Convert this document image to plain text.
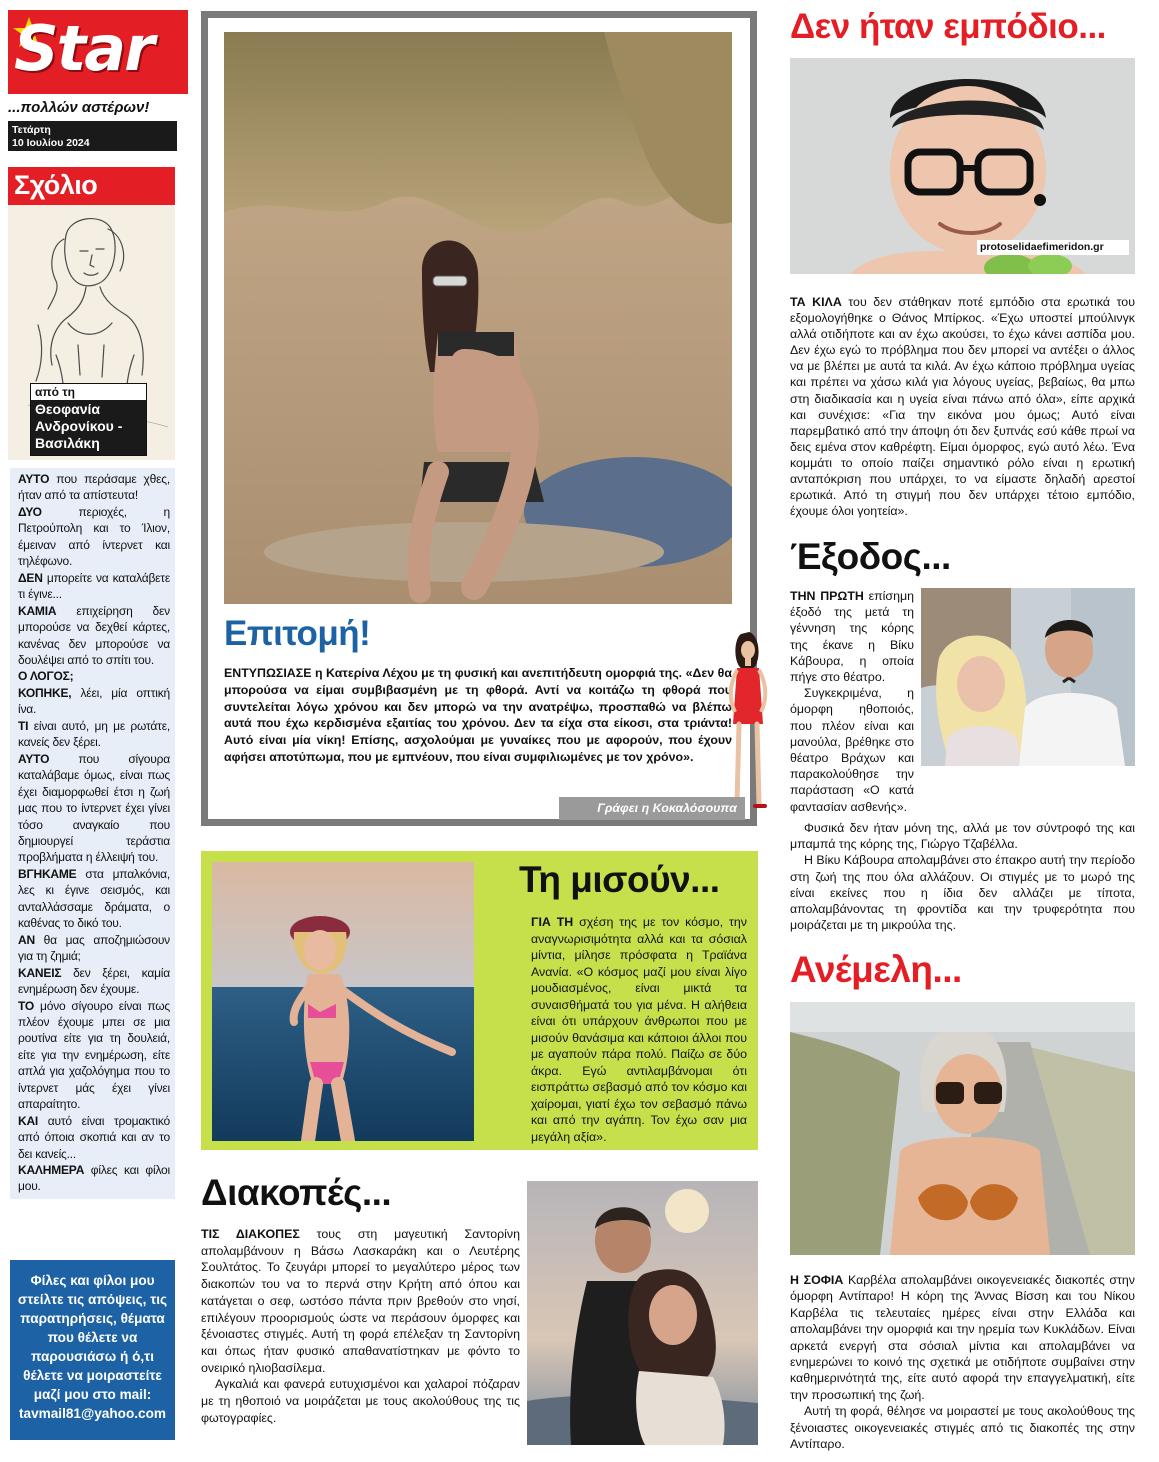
Star
...πολλών αστέρων!
Τετάρτη
10 Ιουλίου 2024
Σχόλιο
από τη
Θεοφανία Ανδρονίκου - Βασιλάκη

ΑΥΤΟ που περάσαμε χθες, ήταν από τα απίστευτα!

ΔΥΟ	περιοχές, η Πετρούπολη και το Ίλιον, έμειναν από ίντερνετ και τηλέφωνο.

ΔΕΝ μπορείτε να καταλάβετε τι έγινε...

ΚΑΜΙΑ επιχείρηση δεν μπορούσε να δεχθεί κάρτες, κανένας δεν μπορούσε να δουλέψει από το σπίτι του.

Ο ΛΟΓΟΣ;

ΚΟΠΗΚΕ, λέει, μία οπτική ίνα.

ΤΙ είναι αυτό, μη με ρωτάτε, κανείς δεν ξέρει.

ΑΥΤΟ που σίγουρα καταλάβαμε όμως, είναι πως έχει διαμορφωθεί έτσι η ζωή μας που το ίντερνετ έχει γίνει τόσο αναγκαίο που δημιουργεί τεράστια προβλήματα η έλλειψή του.

ΒΓΗΚΑΜΕ στα μπαλκόνια, λες κι έγινε σεισμός, και ανταλλάσσαμε δράματα, ο καθένας το δικό του.

ΑΝ θα μας αποζημιώσουν για τη ζημιά;

ΚΑΝΕΙΣ δεν ξέρει, καμία ενημέρωση δεν έχουμε.

ΤΟ μόνο σίγουρο είναι πως πλέον έχουμε μπει σε μια ρουτίνα είτε για τη δουλειά, είτε για την ενημέρωση, είτε απλά για χαζολόγημα που το ίντερνετ μάς έχει γίνει απαραίτητο.

ΚΑΙ αυτό είναι τρομακτικό από όποια σκοπιά και αν το δει κανείς...

ΚΑΛΗΜΕΡΑ φίλες και φίλοι μου.

Φίλες και φίλοι μου στείλτε τις απόψεις, τις παρατηρήσεις, θέματα που θέλετε να παρουσιάσω ή ό,τι θέλετε να μοιραστείτε μαζί μου στο mail:
tavmail81@yahoo.com
Επιτομή!

ΕΝΤΥΠΩΣΙΑΣΕ η Κατερίνα Λέχου με τη φυσική και ανεπιτήδευτη ομορφιά της. «Δεν θα μπορούσα να είμαι συμβιβασμένη με τη φθορά. Αντί να κοιτάζω τη φθορά που συντελείται λόγω χρόνου και δεν μπορώ να την ανατρέψω, προσπαθώ να βλέπω αυτά που έχω κερδισμένα εξαιτίας του χρόνου. Δεν τα είχα στα είκοσι, στα τριάντα! Αυτό είναι μία νίκη! Επίσης, ασχολούμαι με γυναίκες που με αφορούν, που έχουν αφήσει αποτύπωμα, που με εμπνέουν, που είναι συμφιλιωμένες με τον χρόνο».

Γράφει η Κοκαλόσουπα
Τη μισούν...

ΓΙΑ ΤΗ σχέση της με τον κόσμο, την αναγνωρισιμότητα αλλά και τα σόσιαλ μίντια, μίλησε πρόσφατα η Τραϊάνα Ανανία. «Ο κόσμος μαζί μου είναι λίγο μουδιασμένος, είναι μικτά τα συναισθήματά του για μένα. Η αλήθεια είναι ότι υπάρχουν άνθρωποι που με μισούν θανάσιμα και κάποιοι άλλοι που με αγαπούν πάρα πολύ. Παίζω σε δύο άκρα. Εγώ αντιλαμβάνομαι ότι εισπράττω σεβασμό από τον κόσμο και χαίρομαι, γιατί έχω τον σεβασμό πάνω και από την αγάπη. Τον έχω σαν μια μεγάλη αξία».

Διακοπές...

ΤΙΣ ΔΙΑΚΟΠΕΣ τους στη μαγευτική Σαντορίνη απολαμβάνουν η Βάσω Λασκαράκη και ο Λευτέρης Σουλτάτος. Το ζευγάρι μπορεί το μεγαλύτερο μέρος των διακοπών του να το περνά στην Κρήτη από όπου και κατάγεται ο σεφ, ωστόσο πάντα πριν βρεθούν στο νησί, επιλέγουν προορισμούς ώστε να περάσουν όμορφες και ξένοιαστες στιγμές. Αυτή τη φορά επέλεξαν τη Σαντορίνη και όπως ήταν φυσικό απαθανατίστηκαν με φόντο το ονειρικό ηλιοβασίλεμα.

Αγκαλιά και φανερά ευτυχισμένοι και χαλαροί πόζαραν με τη ηθοποιό να μοιράζεται με τους ακολούθους της τις φωτογραφίες.

Δεν ήταν εμπόδιο...
protoselidaefimeridon.gr

ΤΑ ΚΙΛΑ του δεν στάθηκαν ποτέ εμπόδιο στα ερωτικά του εξομολογήθηκε ο Θάνος Μπίρκος. «Έχω υποστεί μπούλινγκ αλλά οτιδήποτε και αν έχω ακούσει, το έχω κάνει ασπίδα μου. Δεν έχω εγώ το πρόβλημα που δεν μπορεί να αντέξει ο άλλος να με βλέπει με αυτά τα κιλά. Αν έχω κάποιο πρόβλημα υγείας και πρέπει να χάσω κιλά για λόγους υγείας, βεβαίως, θα μπω στη διαδικασία και η υγεία είναι πάνω από όλα», είπε αρχικά και συνέχισε: «Για την εικόνα μου όμως; Αυτό είναι παρεμβατικό από την άποψη ότι δεν ξυπνάς εσύ κάθε πρωί να δεις εμένα στον καθρέφτη. Είμαι όμορφος, εγώ αυτό λέω. Ένα κομμάτι το οποίο παίζει σημαντικό ρόλο είναι η ερωτική ανταπόκριση που υπάρχει, το να είμαστε δηλαδή αρεστοί ερωτικά. Από τη στιγμή που δεν υπάρχει τέτοιο εμπόδιο, έχουμε όλοι γοητεία».

Έξοδος...

ΤΗΝ ΠΡΩΤΗ επίσημη έξοδό της μετά τη γέννηση της κόρης της έκανε η Βίκυ Κάβουρα, η οποία πήγε στο θέατρο.

Συγκεκριμένα, η όμορφη ηθοποιός, που πλέον είναι και μανούλα, βρέθηκε στο θέατρο Βράχων και παρακολούθησε την παράσταση «Ο κατά φαντασίαν ασθενής».

Φυσικά δεν ήταν μόνη της, αλλά με τον σύντροφό της και μπαμπά της κόρης της, Γιώργο Τζαβέλλα.

Η Βίκυ Κάβουρα απολαμβάνει στο έπακρο αυτή την περίοδο στη ζωή της που όλα αλλάζουν. Οι στιγμές με το μωρό της είναι εκείνες που η ίδια δεν αλλάζει με τίποτα, απολαμβάνοντας τη φροντίδα και την τρυφερότητα που μοιράζεται με τη μικρούλα της.

Ανέμελη...

Η ΣΟΦΙΑ Καρβέλα απολαμβάνει οικογενειακές διακοπές στην όμορφη Αντίπαρο! Η κόρη της Άννας Βίσση και του Νίκου Καρβέλα τις τελευταίες ημέρες είναι στην Ελλάδα και απολαμβάνει την ομορφιά και την ηρεμία των Κυκλάδων. Είναι αρκετά ενεργή στα σόσιαλ μίντια και απολαμβάνει να ενημερώνει το κοινό της σχετικά με οτιδήποτε συμβαίνει στην καθημερινότητά της, είτε αυτό αφορά την επαγγελματική, είτε την προσωπική της ζωή.

Αυτή τη φορά, θέλησε να μοιραστεί με τους ακολούθους της ξένοιαστες οικογενειακές στιγμές από τις διακοπές της στην Αντίπαρο.
